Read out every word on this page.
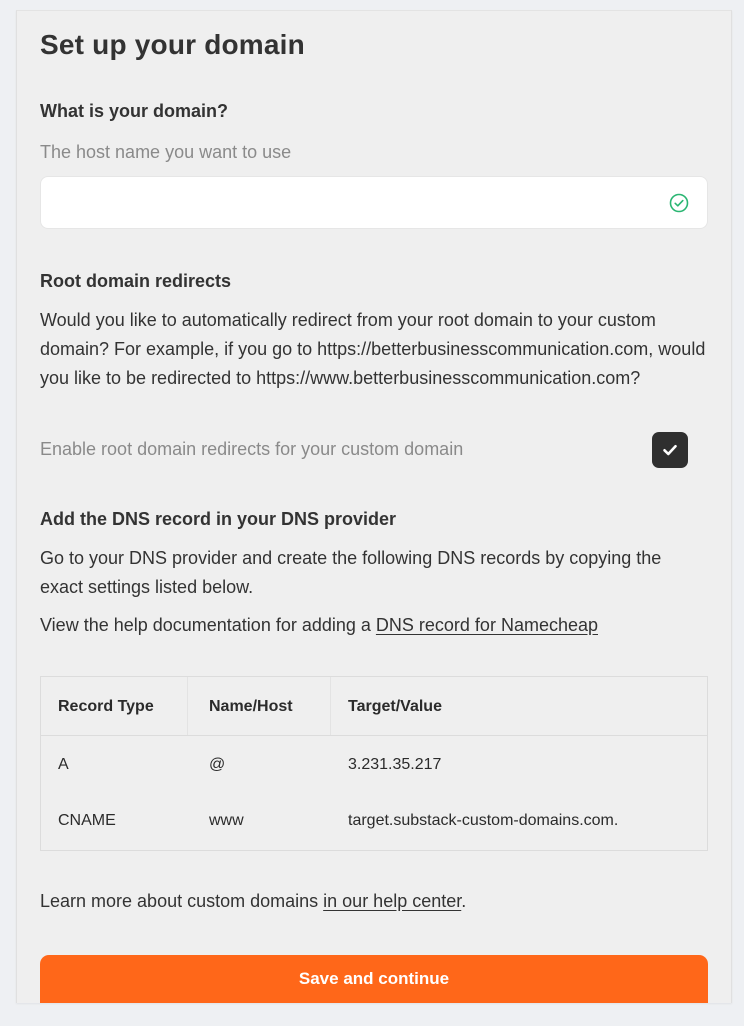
Set up your domain
What is your domain?
The host name you want to use
Root domain redirects
Would you like to automatically redirect from your root domain to your custom domain? For example, if you go to https://betterbusinesscommunication.com, would you like to be redirected to https://www.betterbusinesscommunication.com?
Enable root domain redirects for your custom domain
Add the DNS record in your DNS provider
Go to your DNS provider and create the following DNS records by copying the exact settings listed below.
View the help documentation for adding a DNS record for Namecheap
Record Type	Name/Host	Target/Value
A	@	3.231.35.217
CNAME	www	target.substack-custom-domains.com.
Learn more about custom domains in our help center.
Save and continue
